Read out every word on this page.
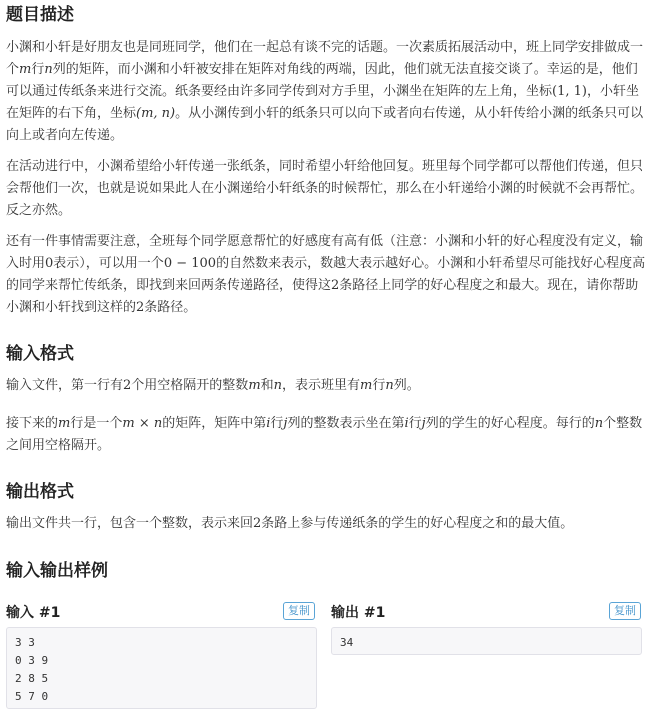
题目描述

小渊和小轩是好朋友也是同班同学，他们在一起总有谈不完的话题。一次素质拓展活动中，班上同学安排做成一个m行n列的矩阵，而小渊和小轩被安排在矩阵对角线的两端，因此，他们就无法直接交谈了。幸运的是，他们可以通过传纸条来进行交流。纸条要经由许多同学传到对方手里，小渊坐在矩阵的左上角，坐标(1, 1)，小轩坐在矩阵的右下角，坐标(m, n)。从小渊传到小轩的纸条只可以向下或者向右传递，从小轩传给小渊的纸条只可以向上或者向左传递。

在活动进行中，小渊希望给小轩传递一张纸条，同时希望小轩给他回复。班里每个同学都可以帮他们传递，但只会帮他们一次，也就是说如果此人在小渊递给小轩纸条的时候帮忙，那么在小轩递给小渊的时候就不会再帮忙。反之亦然。

还有一件事情需要注意，全班每个同学愿意帮忙的好感度有高有低（注意：小渊和小轩的好心程度没有定义，输入时用0表示），可以用一个0 − 100的自然数来表示，数越大表示越好心。小渊和小轩希望尽可能找好心程度高的同学来帮忙传纸条，即找到来回两条传递路径，使得这2条路径上同学的好心程度之和最大。现在，请你帮助小渊和小轩找到这样的2条路径。

输入格式

输入文件，第一行有2个用空格隔开的整数m和n，表示班里有m行n列。

接下来的m行是一个m × n的矩阵，矩阵中第i行j列的整数表示坐在第i行j列的学生的好心程度。每行的n个整数之间用空格隔开。

输出格式

输出文件共一行，包含一个整数，表示来回2条路上参与传递纸条的学生的好心程度之和的最大值。

输入输出样例
输入 #1	复制
3 3
0 3 9
2 8 5
5 7 0
输出 #1	复制
34
